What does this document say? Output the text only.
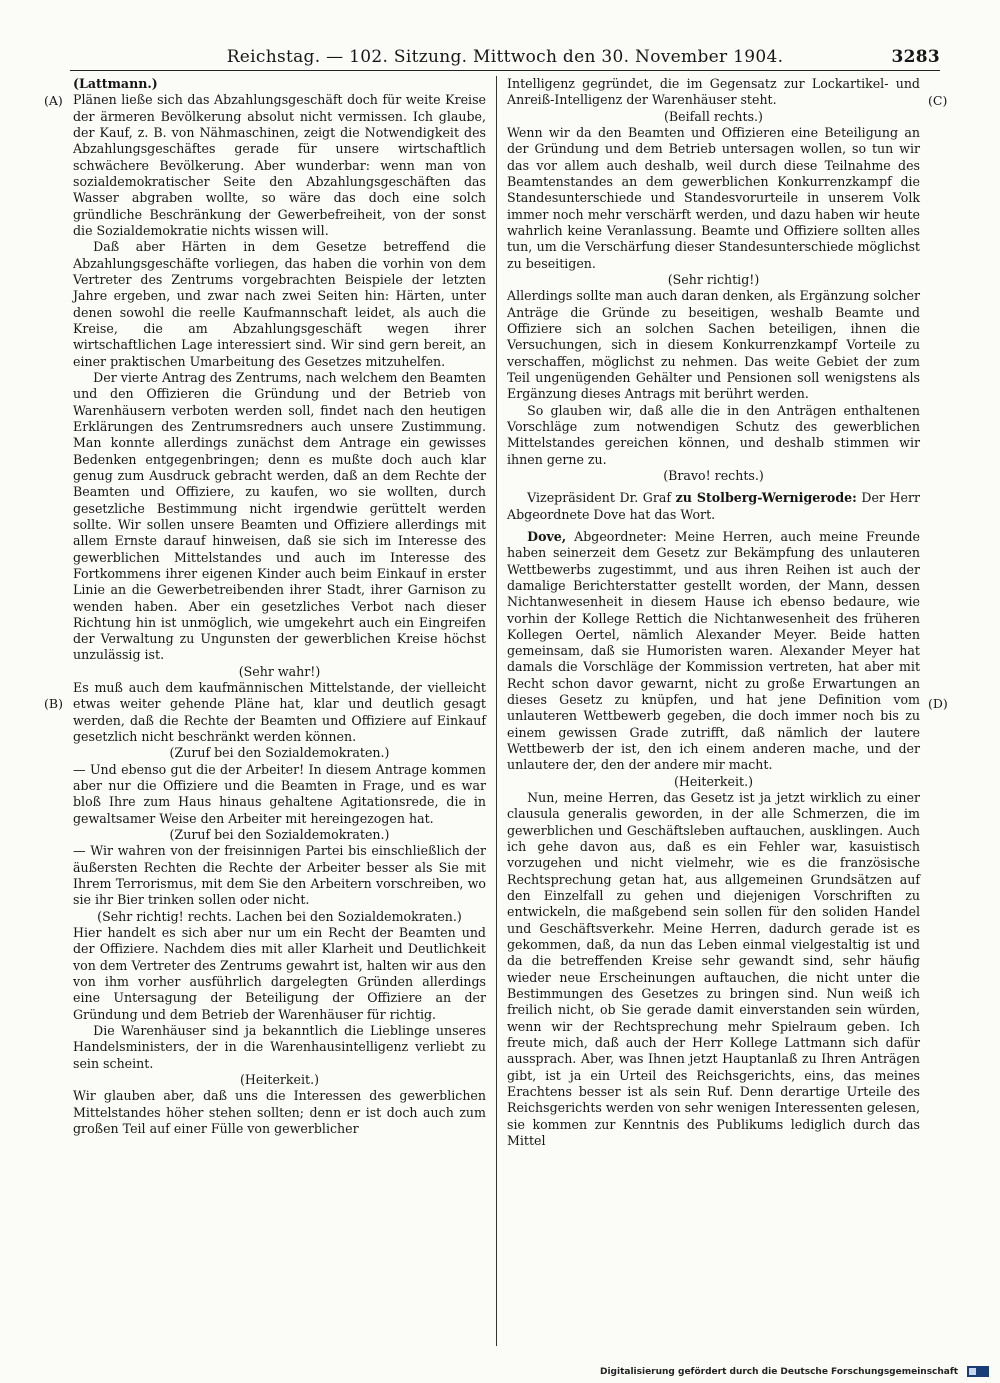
Reichstag. — 102. Sitzung. Mittwoch den 30. November 1904.	3283
(A)
(B)
(C)
(D)

(Lattmann.)

Plänen ließe sich das Abzahlungsgeschäft doch für weite Kreise der ärmeren Bevölkerung absolut nicht vermissen. Ich glaube, der Kauf, z. B. von Nähmaschinen, zeigt die Notwendigkeit des Abzahlungsgeschäftes gerade für unsere wirtschaftlich schwächere Bevölkerung. Aber wunderbar: wenn man von sozialdemokratischer Seite den Abzahlungsgeschäften das Wasser abgraben wollte, so wäre das doch eine solch gründliche Beschränkung der Gewerbefreiheit, von der sonst die Sozialdemokratie nichts wissen will.

Daß aber Härten in dem Gesetze betreffend die Abzahlungsgeschäfte vorliegen, das haben die vorhin von dem Vertreter des Zentrums vorgebrachten Beispiele der letzten Jahre ergeben, und zwar nach zwei Seiten hin: Härten, unter denen sowohl die reelle Kaufmannschaft leidet, als auch die Kreise, die am Abzahlungsgeschäft wegen ihrer wirtschaftlichen Lage interessiert sind. Wir sind gern bereit, an einer praktischen Umarbeitung des Gesetzes mitzuhelfen.

Der vierte Antrag des Zentrums, nach welchem den Beamten und den Offizieren die Gründung und der Betrieb von Warenhäusern verboten werden soll, findet nach den heutigen Erklärungen des Zentrumsredners auch unsere Zustimmung. Man konnte allerdings zunächst dem Antrage ein gewisses Bedenken entgegenbringen; denn es mußte doch auch klar genug zum Ausdruck gebracht werden, daß an dem Rechte der Beamten und Offiziere, zu kaufen, wo sie wollten, durch gesetzliche Bestimmung nicht irgendwie gerüttelt werden sollte. Wir sollen unsere Beamten und Offiziere allerdings mit allem Ernste darauf hinweisen, daß sie sich im Interesse des gewerblichen Mittelstandes und auch im Interesse des Fortkommens ihrer eigenen Kinder auch beim Einkauf in erster Linie an die Gewerbetreibenden ihrer Stadt, ihrer Garnison zu wenden haben. Aber ein gesetzliches Verbot nach dieser Richtung hin ist unmöglich, wie umgekehrt auch ein Eingreifen der Verwaltung zu Ungunsten der gewerblichen Kreise höchst unzulässig ist.

(Sehr wahr!)

Es muß auch dem kaufmännischen Mittelstande, der vielleicht etwas weiter gehende Pläne hat, klar und deutlich gesagt werden, daß die Rechte der Beamten und Offiziere auf Einkauf gesetzlich nicht beschränkt werden können.

(Zuruf bei den Sozialdemokraten.)

— Und ebenso gut die der Arbeiter! In diesem Antrage kommen aber nur die Offiziere und die Beamten in Frage, und es war bloß Ihre zum Haus hinaus gehaltene Agitationsrede, die in gewaltsamer Weise den Arbeiter mit hereingezogen hat.

(Zuruf bei den Sozialdemokraten.)

— Wir wahren von der freisinnigen Partei bis einschließlich der äußersten Rechten die Rechte der Arbeiter besser als Sie mit Ihrem Terrorismus, mit dem Sie den Arbeitern vorschreiben, wo sie ihr Bier trinken sollen oder nicht.

(Sehr richtig! rechts. Lachen bei den Sozialdemokraten.)

Hier handelt es sich aber nur um ein Recht der Beamten und der Offiziere. Nachdem dies mit aller Klarheit und Deutlichkeit von dem Vertreter des Zentrums gewahrt ist, halten wir aus den von ihm vorher ausführlich dargelegten Gründen allerdings eine Untersagung der Beteiligung der Offiziere an der Gründung und dem Betrieb der Warenhäuser für richtig.

Die Warenhäuser sind ja bekanntlich die Lieblinge unseres Handelsministers, der in die Warenhausintelligenz verliebt zu sein scheint.

(Heiterkeit.)

Wir glauben aber, daß uns die Interessen des gewerblichen Mittelstandes höher stehen sollten; denn er ist doch auch zum großen Teil auf einer Fülle von gewerblicher

Intelligenz gegründet, die im Gegensatz zur Lockartikel- und Anreiß-Intelligenz der Warenhäuser steht.

(Beifall rechts.)

Wenn wir da den Beamten und Offizieren eine Beteiligung an der Gründung und dem Betrieb untersagen wollen, so tun wir das vor allem auch deshalb, weil durch diese Teilnahme des Beamtenstandes an dem gewerblichen Konkurrenzkampf die Standesunterschiede und Standesvorurteile in unserem Volk immer noch mehr verschärft werden, und dazu haben wir heute wahrlich keine Veranlassung. Beamte und Offiziere sollten alles tun, um die Verschärfung dieser Standesunterschiede möglichst zu beseitigen.

(Sehr richtig!)

Allerdings sollte man auch daran denken, als Ergänzung solcher Anträge die Gründe zu beseitigen, weshalb Beamte und Offiziere sich an solchen Sachen beteiligen, ihnen die Versuchungen, sich in diesem Konkurrenzkampf Vorteile zu verschaffen, möglichst zu nehmen. Das weite Gebiet der zum Teil ungenügenden Gehälter und Pensionen soll wenigstens als Ergänzung dieses Antrags mit berührt werden.

So glauben wir, daß alle die in den Anträgen enthaltenen Vorschläge zum notwendigen Schutz des gewerblichen Mittelstandes gereichen können, und deshalb stimmen wir ihnen gerne zu.

(Bravo! rechts.)

Vizepräsident Dr. Graf zu Stolberg-Wernigerode: Der Herr Abgeordnete Dove hat das Wort.

Dove, Abgeordneter: Meine Herren, auch meine Freunde haben seinerzeit dem Gesetz zur Bekämpfung des unlauteren Wettbewerbs zugestimmt, und aus ihren Reihen ist auch der damalige Berichterstatter gestellt worden, der Mann, dessen Nichtanwesenheit in diesem Hause ich ebenso bedaure, wie vorhin der Kollege Rettich die Nichtanwesenheit des früheren Kollegen Oertel, nämlich Alexander Meyer. Beide hatten gemeinsam, daß sie Humoristen waren. Alexander Meyer hat damals die Vorschläge der Kommission vertreten, hat aber mit Recht schon davor gewarnt, nicht zu große Erwartungen an dieses Gesetz zu knüpfen, und hat jene Definition vom unlauteren Wettbewerb gegeben, die doch immer noch bis zu einem gewissen Grade zutrifft, daß nämlich der lautere Wettbewerb der ist, den ich einem anderen mache, und der unlautere der, den der andere mir macht.

(Heiterkeit.)

Nun, meine Herren, das Gesetz ist ja jetzt wirklich zu einer clausula generalis geworden, in der alle Schmerzen, die im gewerblichen und Geschäftsleben auftauchen, ausklingen. Auch ich gehe davon aus, daß es ein Fehler war, kasuistisch vorzugehen und nicht vielmehr, wie es die französische Rechtsprechung getan hat, aus allgemeinen Grundsätzen auf den Einzelfall zu gehen und diejenigen Vorschriften zu entwickeln, die maßgebend sein sollen für den soliden Handel und Geschäftsverkehr. Meine Herren, dadurch gerade ist es gekommen, daß, da nun das Leben einmal vielgestaltig ist und da die betreffenden Kreise sehr gewandt sind, sehr häufig wieder neue Erscheinungen auftauchen, die nicht unter die Bestimmungen des Gesetzes zu bringen sind. Nun weiß ich freilich nicht, ob Sie gerade damit einverstanden sein würden, wenn wir der Rechtsprechung mehr Spielraum geben. Ich freute mich, daß auch der Herr Kollege Lattmann sich dafür aussprach. Aber, was Ihnen jetzt Hauptanlaß zu Ihren Anträgen gibt, ist ja ein Urteil des Reichsgerichts, eins, das meines Erachtens besser ist als sein Ruf. Denn derartige Urteile des Reichsgerichts werden von sehr wenigen Interessenten gelesen, sie kommen zur Kenntnis des Publikums lediglich durch das Mittel

Digitalisierung gefördert durch die Deutsche Forschungsgemeinschaft
